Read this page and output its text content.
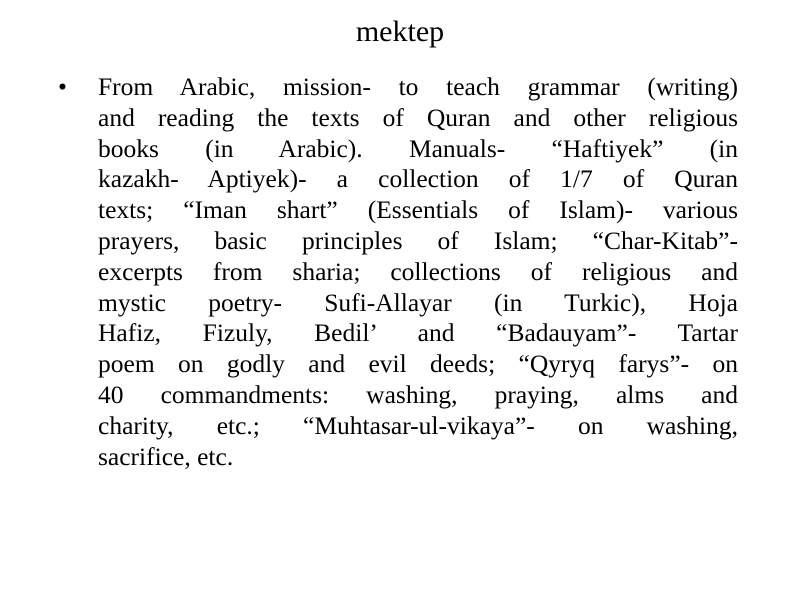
mektep
•	From Arabic, mission- to teach grammar (writing)
and reading the texts of Quran and other religious
books (in Arabic). Manuals- “Haftiyek” (in
kazakh- Aptiyek)- a collection of 1/7 of Quran
texts; “Iman shart” (Essentials of Islam)- various
prayers, basic principles of Islam; “Char-Kitab”-
excerpts from sharia; collections of religious and
mystic poetry- Sufi-Allayar (in Turkic), Hoja
Hafiz, Fizuly, Bedil’ and “Badauyam”- Tartar
poem on godly and evil deeds; “Qyryq farys”- on
40 commandments: washing, praying, alms and
charity, etc.; “Muhtasar-ul-vikaya”- on washing,
sacrifice, etc.
